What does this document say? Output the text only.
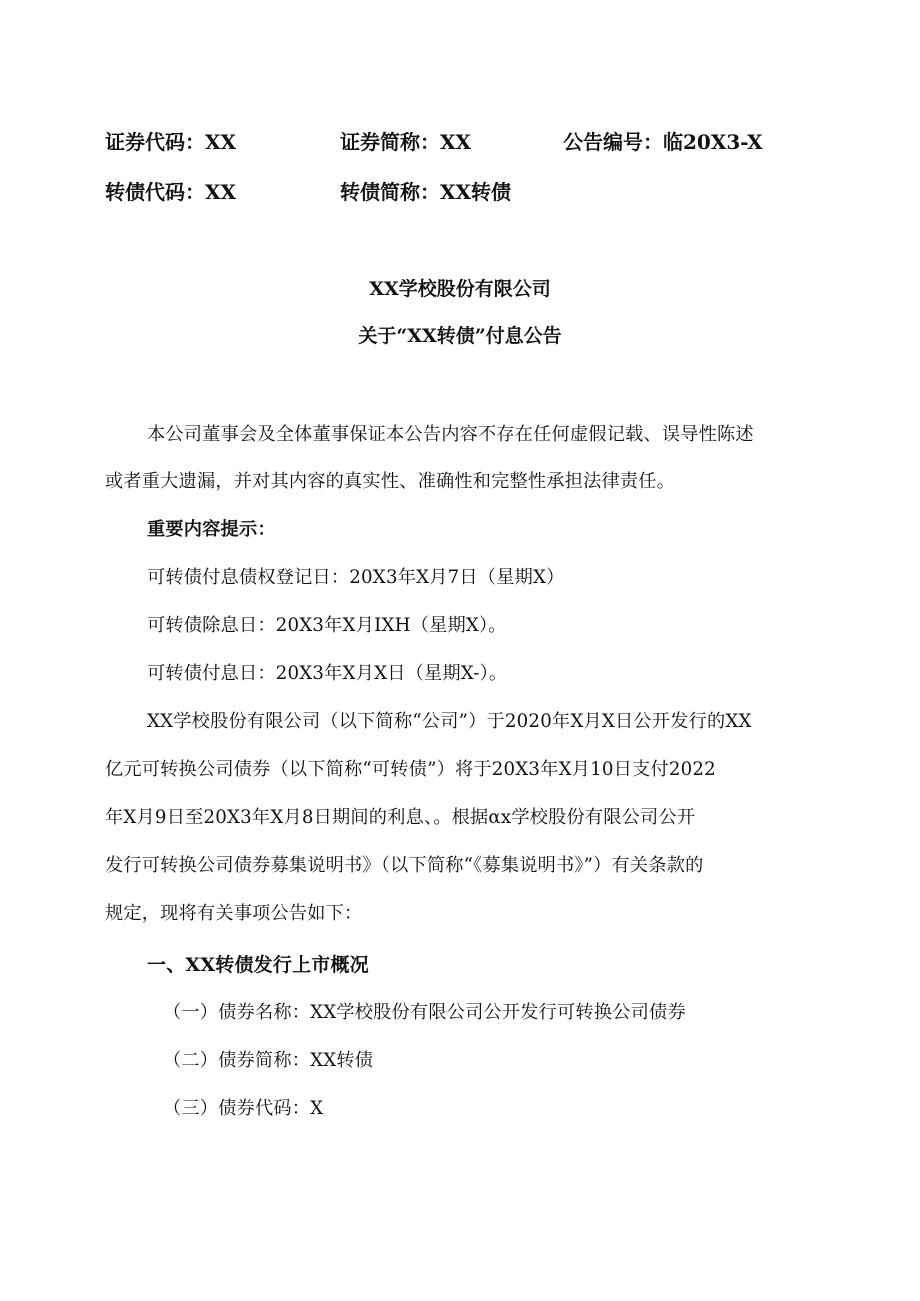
证券代码：XX	证券简称：XX	公告编号：临20X3-X
转债代码：XX	转债简称：XX转债
XX学校股份有限公司
关于“XX转债”付息公告
本公司董事会及全体董事保证本公告内容不存在任何虚假记载、误导性陈述
或者重大遗漏，并对其内容的真实性、准确性和完整性承担法律责任。
重要内容提示：
可转债付息债权登记日：20X3年X月7日（星期X）
可转债除息日：20X3年X月IXH（星期X）。
可转债付息日：20X3年X月X日（星期X-）。
XX学校股份有限公司（以下简称“公司”）于2020年X月X日公开发行的XX
亿元可转换公司债券（以下简称“可转债”）将于20X3年X月10日支付2022
年X月9日至20X3年X月8日期间的利息、。根据αx学校股份有限公司公开
发行可转换公司债券募集说明书》（以下简称“《募集说明书》”）有关条款的
规定，现将有关事项公告如下：
一、XX转债发行上市概况
（一）债券名称：XX学校股份有限公司公开发行可转换公司债券
（二）债券简称：XX转债
（三）债券代码：X
